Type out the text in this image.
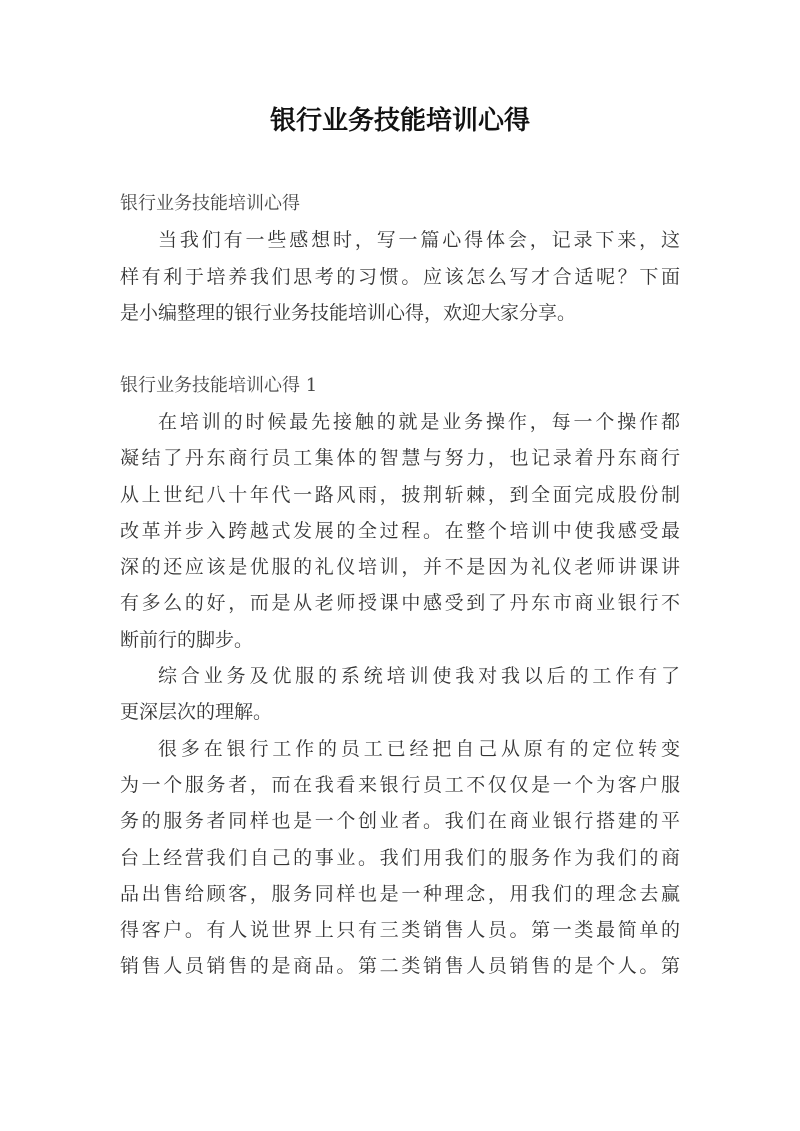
银行业务技能培训心得
银行业务技能培训心得
当我们有一些感想时，写一篇心得体会，记录下来，这
样有利于培养我们思考的习惯。应该怎么写才合适呢？下面
是小编整理的银行业务技能培训心得，欢迎大家分享。
银行业务技能培训心得 1
在培训的时候最先接触的就是业务操作，每一个操作都
凝结了丹东商行员工集体的智慧与努力，也记录着丹东商行
从上世纪八十年代一路风雨，披荆斩棘，到全面完成股份制
改革并步入跨越式发展的全过程。在整个培训中使我感受最
深的还应该是优服的礼仪培训，并不是因为礼仪老师讲课讲
有多么的好，而是从老师授课中感受到了丹东市商业银行不
断前行的脚步。
综合业务及优服的系统培训使我对我以后的工作有了
更深层次的理解。
很多在银行工作的员工已经把自己从原有的定位转变
为一个服务者，而在我看来银行员工不仅仅是一个为客户服
务的服务者同样也是一个创业者。我们在商业银行搭建的平
台上经营我们自己的事业。我们用我们的服务作为我们的商
品出售给顾客，服务同样也是一种理念，用我们的理念去赢
得客户。有人说世界上只有三类销售人员。第一类最简单的
销售人员销售的是商品。第二类销售人员销售的是个人。第
